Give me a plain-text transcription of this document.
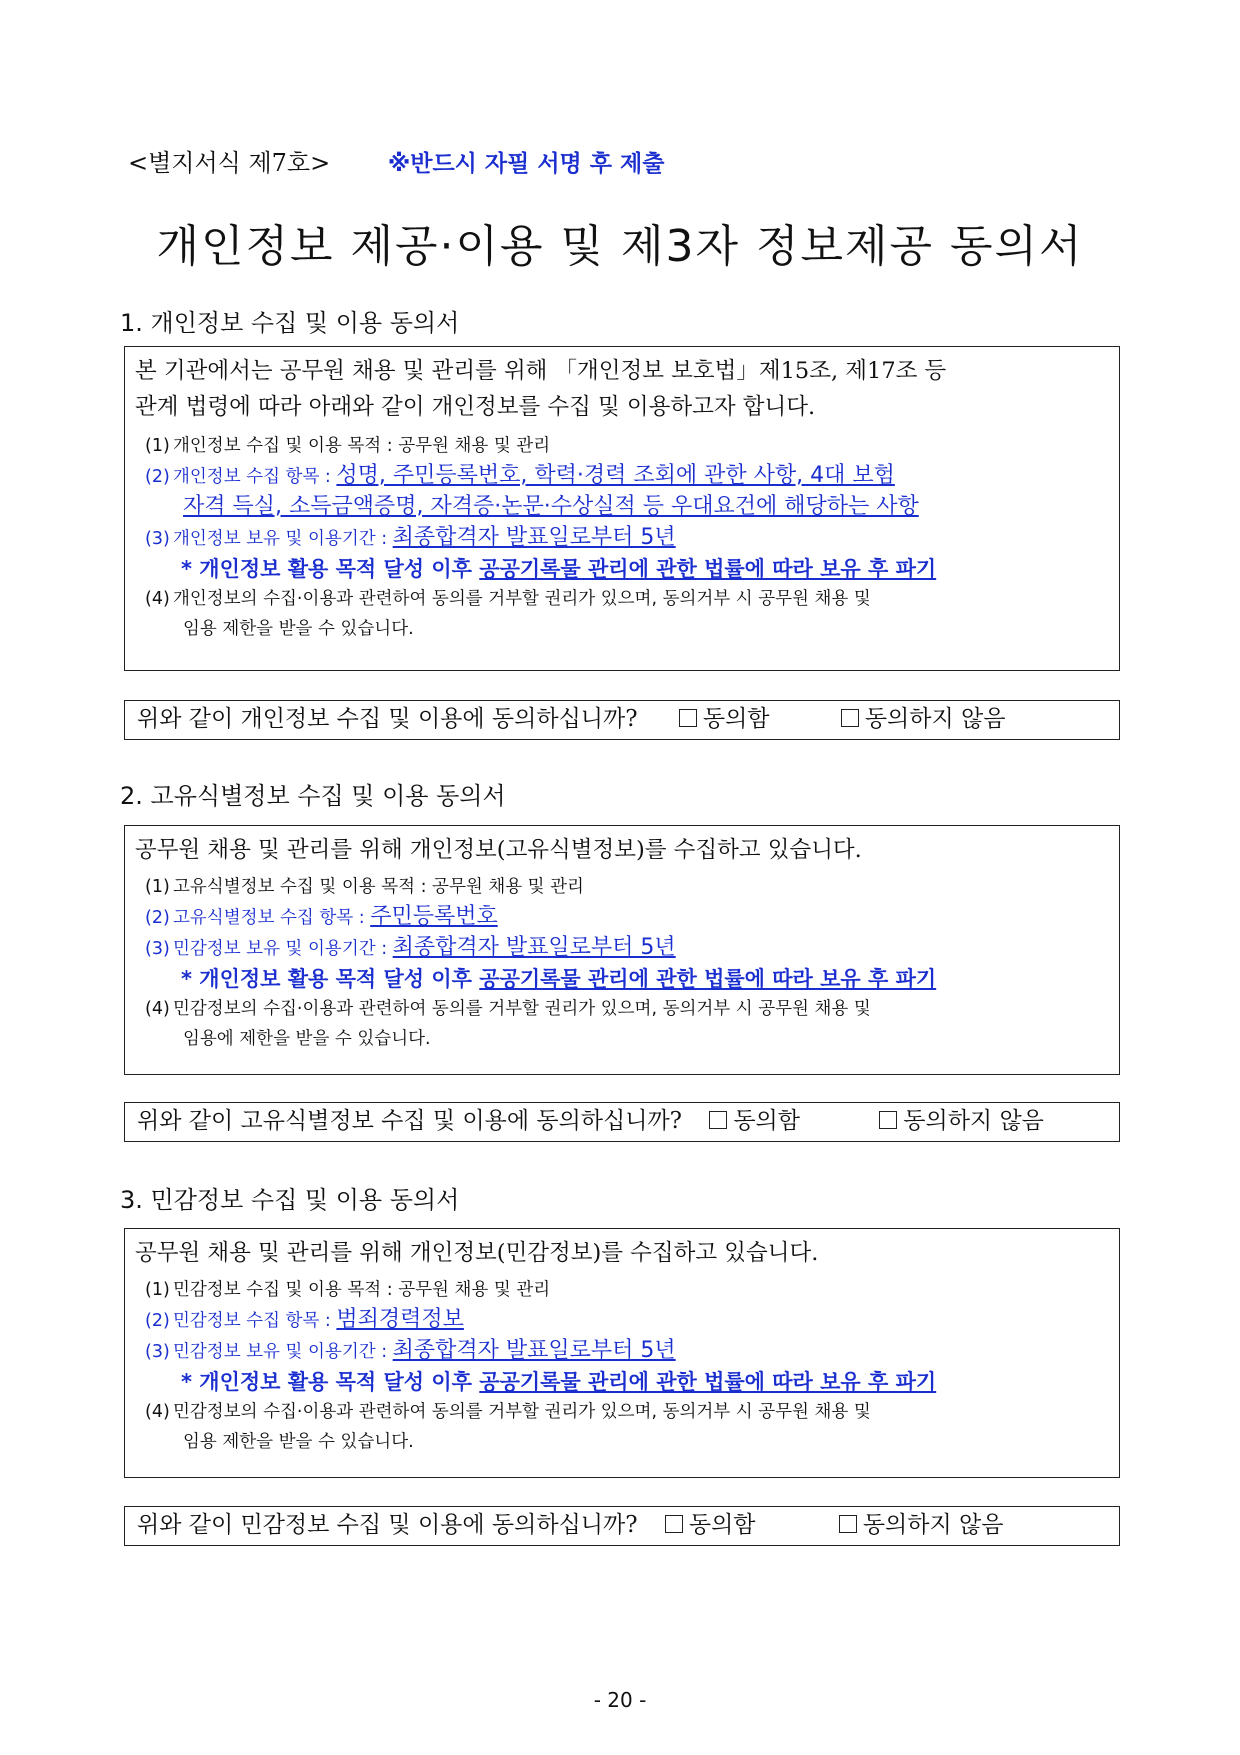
<별지서식 제7호>	※반드시 자필 서명 후 제출
개인정보 제공·이용 및 제3자 정보제공 동의서
1. 개인정보 수집 및 이용 동의서
본 기관에서는 공무원 채용 및 관리를 위해 「개인정보 보호법」제15조, 제17조 등
관계 법령에 따라 아래와 같이 개인정보를 수집 및 이용하고자 합니다.
(1) 개인정보 수집 및 이용 목적 : 공무원 채용 및 관리
(2) 개인정보 수집 항목 : 성명, 주민등록번호, 학력·경력 조회에 관한 사항, 4대 보험
자격 득실, 소득금액증명, 자격증·논문·수상실적 등 우대요건에 해당하는 사항
(3) 개인정보 보유 및 이용기간 : 최종합격자 발표일로부터 5년
* 개인정보 활용 목적 달성 이후 공공기록물 관리에 관한 법률에 따라 보유 후 파기
(4) 개인정보의 수집·이용과 관련하여 동의를 거부할 권리가 있으며, 동의거부 시 공무원 채용 및
임용 제한을 받을 수 있습니다.
위와 같이 개인정보 수집 및 이용에 동의하십니까?	동의함	동의하지 않음
2. 고유식별정보 수집 및 이용 동의서
공무원 채용 및 관리를 위해 개인정보(고유식별정보)를 수집하고 있습니다.
(1) 고유식별정보 수집 및 이용 목적 : 공무원 채용 및 관리
(2) 고유식별정보 수집 항목 : 주민등록번호
(3) 민감정보 보유 및 이용기간 : 최종합격자 발표일로부터 5년
* 개인정보 활용 목적 달성 이후 공공기록물 관리에 관한 법률에 따라 보유 후 파기
(4) 민감정보의 수집·이용과 관련하여 동의를 거부할 권리가 있으며, 동의거부 시 공무원 채용 및
임용에 제한을 받을 수 있습니다.
위와 같이 고유식별정보 수집 및 이용에 동의하십니까? 동의함	동의하지 않음
3. 민감정보 수집 및 이용 동의서
공무원 채용 및 관리를 위해 개인정보(민감정보)를 수집하고 있습니다.
(1) 민감정보 수집 및 이용 목적 : 공무원 채용 및 관리
(2) 민감정보 수집 항목 : 범죄경력정보
(3) 민감정보 보유 및 이용기간 : 최종합격자 발표일로부터 5년
* 개인정보 활용 목적 달성 이후 공공기록물 관리에 관한 법률에 따라 보유 후 파기
(4) 민감정보의 수집·이용과 관련하여 동의를 거부할 권리가 있으며, 동의거부 시 공무원 채용 및
임용 제한을 받을 수 있습니다.
위와 같이 민감정보 수집 및 이용에 동의하십니까? 동의함	동의하지 않음
- 20 -
